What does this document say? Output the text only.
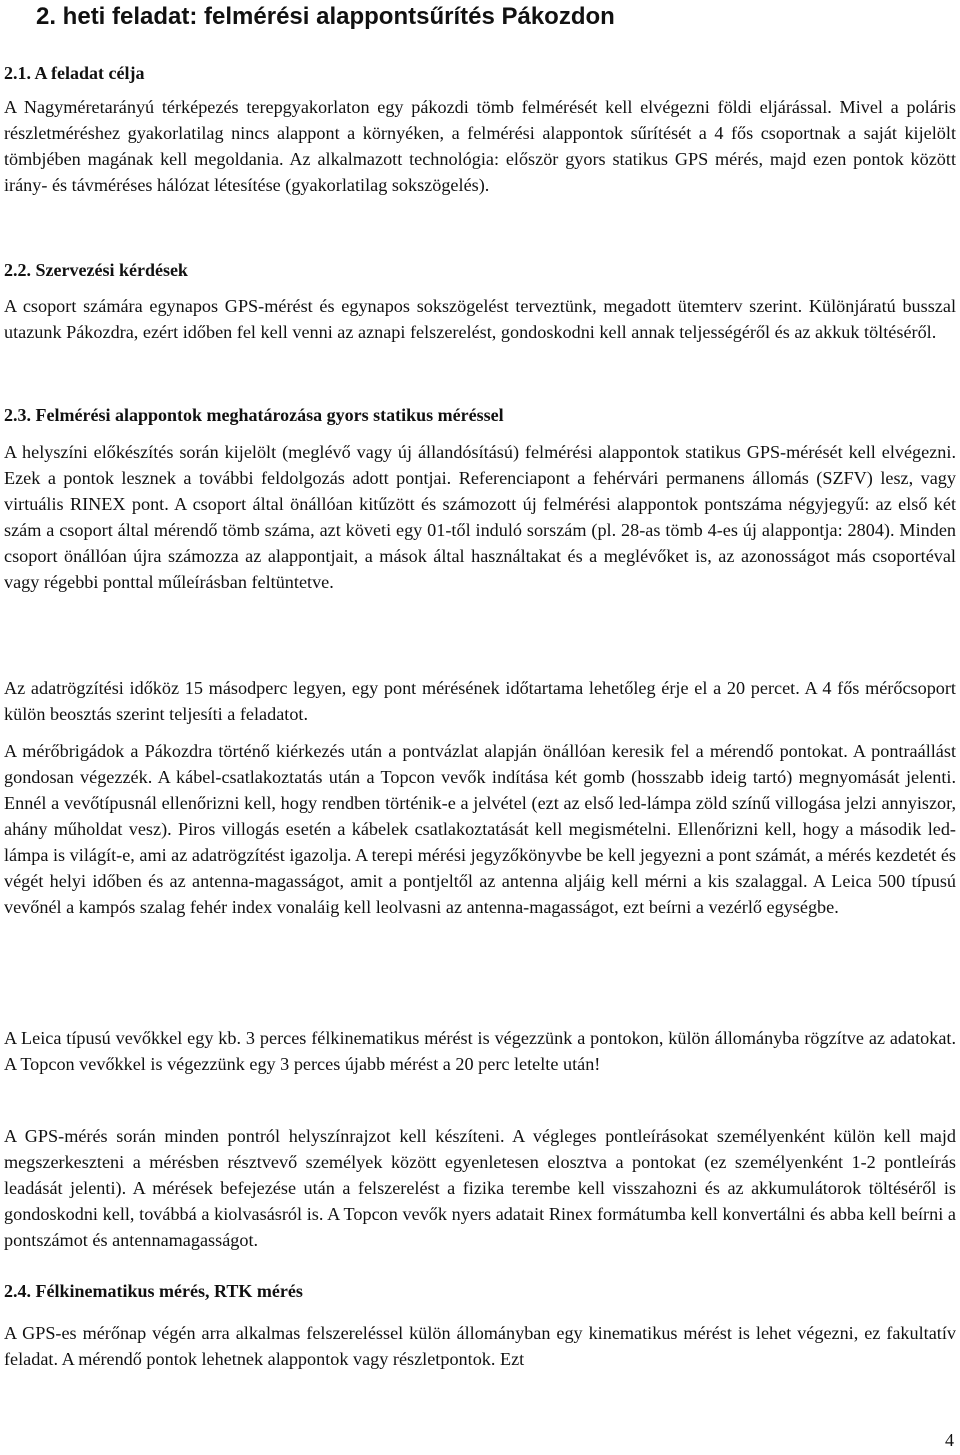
2. heti feladat: felmérési alappontsűrítés Pákozdon
2.1. A feladat célja

A Nagyméretarányú térképezés terepgyakorlaton egy pákozdi tömb felmérését kell elvégezni földi eljárással. Mivel a poláris részletméréshez gyakorlatilag nincs alappont a környéken, a felmérési alappontok sűrítését a 4 fős csoportnak a saját kijelölt tömbjében magának kell megoldania. Az alkalmazott technológia: először gyors statikus GPS mérés, majd ezen pontok között irány- és távméréses hálózat létesítése (gyakorlatilag sokszögelés).

2.2. Szervezési kérdések

A csoport számára egynapos GPS-mérést és egynapos sokszögelést terveztünk, megadott ütemterv szerint. Különjáratú busszal utazunk Pákozdra, ezért időben fel kell venni az aznapi felszerelést, gondoskodni kell annak teljességéről és az akkuk töltéséről.

2.3. Felmérési alappontok meghatározása gyors statikus méréssel

A helyszíni előkészítés során kijelölt (meglévő vagy új állandósítású) felmérési alappontok statikus GPS-mérését kell elvégezni. Ezek a pontok lesznek a további feldolgozás adott pontjai. Referenciapont a fehérvári permanens állomás (SZFV) lesz, vagy virtuális RINEX pont. A csoport által önállóan kitűzött és számozott új felmérési alappontok pontszáma négyjegyű: az első két szám a csoport által mérendő tömb száma, azt követi egy 01-től induló sorszám (pl. 28-as tömb 4-es új alappontja: 2804). Minden csoport önállóan újra számozza az alappontjait, a mások által használtakat és a meglévőket is, az azonosságot más csoportéval vagy régebbi ponttal műleírásban feltüntetve.

Az adatrögzítési időköz 15 másodperc legyen, egy pont mérésének időtartama lehetőleg érje el a 20 percet. A 4 fős mérőcsoport külön beosztás szerint teljesíti a feladatot.

A mérőbrigádok a Pákozdra történő kiérkezés után a pontvázlat alapján önállóan keresik fel a mérendő pontokat. A pontraállást gondosan végezzék. A kábel-csatlakoztatás után a Topcon vevők indítása két gomb (hosszabb ideig tartó) megnyomását jelenti. Ennél a vevőtípusnál ellenőrizni kell, hogy rendben történik-e a jelvétel (ezt az első led-lámpa zöld színű villogása jelzi annyiszor, ahány műholdat vesz). Piros villogás esetén a kábelek csatlakoztatását kell megismételni. Ellenőrizni kell, hogy a második led-lámpa is világít-e, ami az adatrögzítést igazolja. A terepi mérési jegyzőkönyvbe be kell jegyezni a pont számát, a mérés kezdetét és végét helyi időben és az antenna-magasságot, amit a pontjeltől az antenna aljáig kell mérni a kis szalaggal. A Leica 500 típusú vevőnél a kampós szalag fehér index vonaláig kell leolvasni az antenna-magasságot, ezt beírni a vezérlő egységbe.

A Leica típusú vevőkkel egy kb. 3 perces félkinematikus mérést is végezzünk a pontokon, külön állományba rögzítve az adatokat. A Topcon vevőkkel is végezzünk egy 3 perces újabb mérést a 20 perc letelte után!

A GPS-mérés során minden pontról helyszínrajzot kell készíteni. A végleges pontleírásokat személyenként külön kell majd megszerkeszteni a mérésben résztvevő személyek között egyenletesen elosztva a pontokat (ez személyenként 1-2 pontleírás leadását jelenti). A mérések befejezése után a felszerelést a fizika terembe kell visszahozni és az akkumulátorok töltéséről is gondoskodni kell, továbbá a kiolvasásról is. A Topcon vevők nyers adatait Rinex formátumba kell konvertálni és abba kell beírni a pontszámot és antennamagasságot.

2.4. Félkinematikus mérés, RTK mérés

A GPS-es mérőnap végén arra alkalmas felszereléssel külön állományban egy kinematikus mérést is lehet végezni, ez fakultatív feladat. A mérendő pontok lehetnek alappontok vagy részletpontok. Ezt

4
